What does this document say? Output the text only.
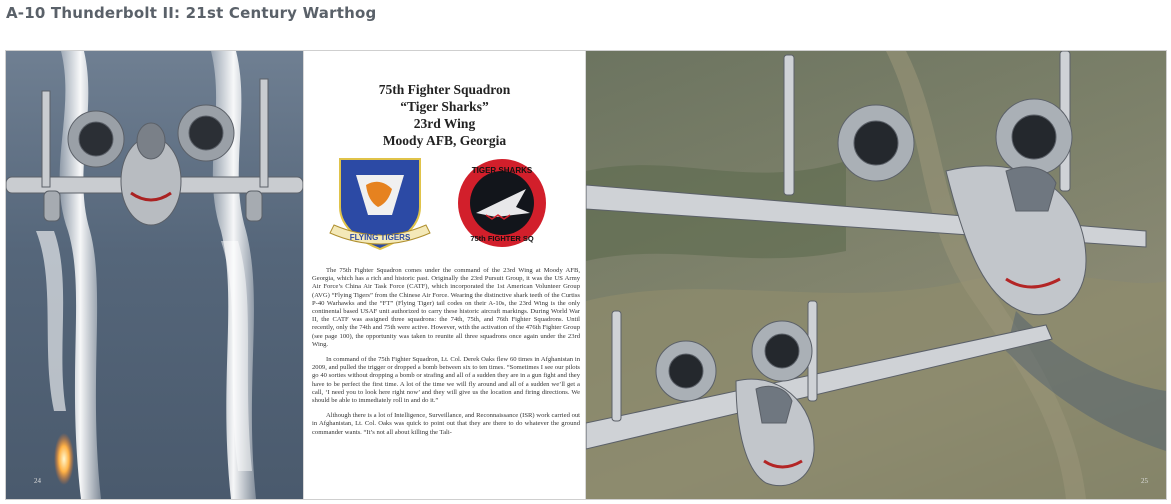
A-10 Thunderbolt II: 21st Century Warthog
24
75th Fighter Squadron
“Tiger Sharks”
23rd Wing
Moody AFB, Georgia
FLYING TIGERS
TIGER SHARKS
75th FIGHTER SQ

The 75th Fighter Squadron comes under the command of the 23rd Wing at Moody AFB, Georgia, which has a rich and historic past. Originally the 23rd Pursuit Group, it was the US Army Air Force’s China Air Task Force (CATF), which incorporated the 1st American Volunteer Group (AVG) “Flying Tigers” from the Chinese Air Force. Wearing the distinctive shark teeth of the Curtiss P-40 Warhawks and the “FT” (Flying Tiger) tail codes on their A-10s, the 23rd Wing is the only continental based USAF unit authorized to carry these historic aircraft markings. During World War II, the CATF was assigned three squadrons: the 74th, 75th, and 76th Fighter Squadrons. Until recently, only the 74th and 75th were active. However, with the activation of the 476th Fighter Group (see page 100), the opportunity was taken to reunite all three squadrons once again under the 23rd Wing.

In command of the 75th Fighter Squadron, Lt. Col. Derek Oaks flew 60 times in Afghanistan in 2009, and pulled the trigger or dropped a bomb between six to ten times. “Sometimes I see our pilots go 40 sorties without dropping a bomb or strafing and all of a sudden they are in a gun fight and they have to be perfect the first time. A lot of the time we will fly around and all of a sudden we’ll get a call, ‘I need you to look here right now’ and they will give us the location and firing directions. We should be able to immediately roll in and do it.”

Although there is a lot of Intelligence, Surveillance, and Reconnaissance (ISR) work carried out in Afghanistan, Lt. Col. Oaks was quick to point out that they are there to do whatever the ground commander wants. “It’s not all about killing the Tali-

25
